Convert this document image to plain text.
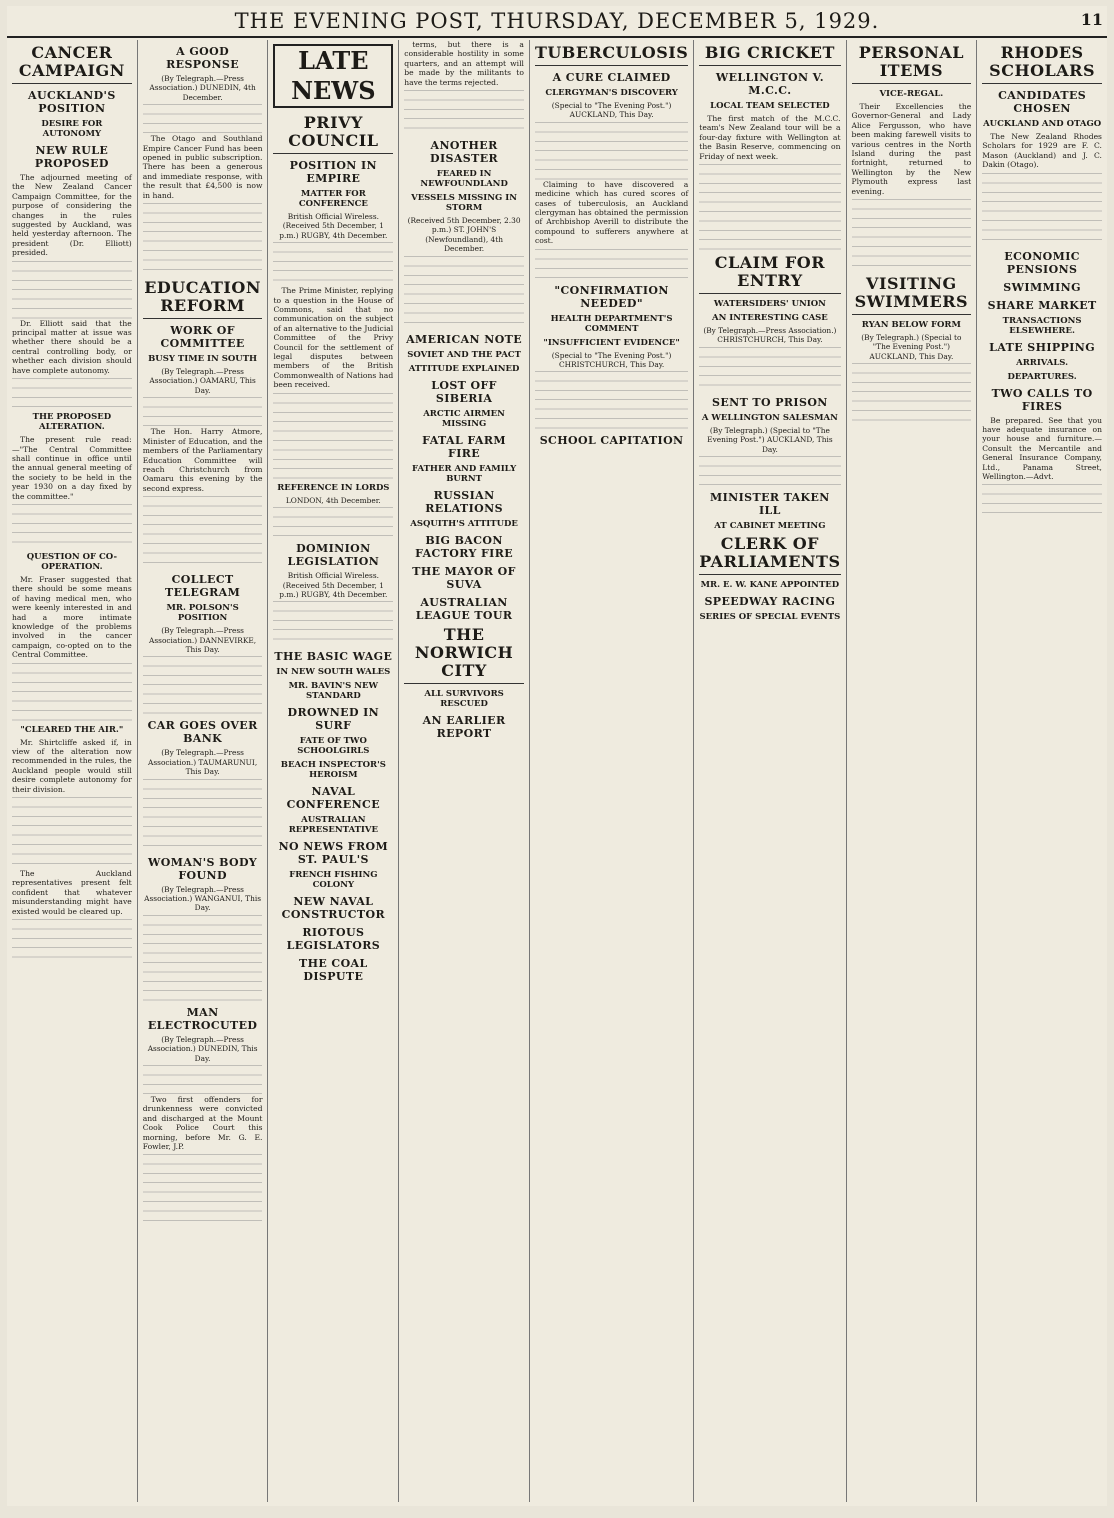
THE EVENING POST, THURSDAY, DECEMBER 5, 1929.	11
CANCER CAMPAIGN
AUCKLAND'S POSITION
DESIRE FOR AUTONOMY
NEW RULE PROPOSED
The adjourned meeting of the New Zealand Cancer Campaign Committee, for the purpose of considering the changes in the rules suggested by Auckland, was held yesterday afternoon. The president (Dr. Elliott) presided.
Dr. Elliott said that the principal matter at issue was whether there should be a central controlling body, or whether each division should have complete autonomy.
THE PROPOSED ALTERATION.
The present rule read:—"The Central Committee shall continue in office until the annual general meeting of the society to be held in the year 1930 on a day fixed by the committee."
QUESTION OF CO-OPERATION.
Mr. Fraser suggested that there should be some means of having medical men, who were keenly interested in and had a more intimate knowledge of the problems involved in the cancer campaign, co-opted on to the Central Committee.
"CLEARED THE AIR."
Mr. Shirtcliffe asked if, in view of the alteration now recommended in the rules, the Auckland people would still desire complete autonomy for their division.
The Auckland representatives present felt confident that whatever misunderstanding might have existed would be cleared up.
A GOOD RESPONSE
(By Telegraph.—Press Association.) DUNEDIN, 4th December.
The Otago and Southland Empire Cancer Fund has been opened in public subscription. There has been a generous and immediate response, with the result that £4,500 is now in hand.
EDUCATION REFORM
WORK OF COMMITTEE
BUSY TIME IN SOUTH
(By Telegraph.—Press Association.) OAMARU, This Day.
The Hon. Harry Atmore, Minister of Education, and the members of the Parliamentary Education Committee will reach Christchurch from Oamaru this evening by the second express.
COLLECT TELEGRAM
MR. POLSON'S POSITION
(By Telegraph.—Press Association.) DANNEVIRKE, This Day.
CAR GOES OVER BANK
(By Telegraph.—Press Association.) TAUMARUNUI, This Day.
WOMAN'S BODY FOUND
(By Telegraph.—Press Association.) WANGANUI, This Day.
MAN ELECTROCUTED
(By Telegraph.—Press Association.) DUNEDIN, This Day.
Two first offenders for drunkenness were convicted and discharged at the Mount Cook Police Court this morning, before Mr. G. E. Fowler, J.P.
LATE NEWS
PRIVY COUNCIL
POSITION IN EMPIRE
MATTER FOR CONFERENCE
British Official Wireless. (Received 5th December, 1 p.m.) RUGBY, 4th December.
The Prime Minister, replying to a question in the House of Commons, said that no communication on the subject of an alternative to the Judicial Committee of the Privy Council for the settlement of legal disputes between members of the British Commonwealth of Nations had been received.
REFERENCE IN LORDS
LONDON, 4th December.
DOMINION LEGISLATION
British Official Wireless. (Received 5th December, 1 p.m.) RUGBY, 4th December.
THE BASIC WAGE
IN NEW SOUTH WALES
MR. BAVIN'S NEW STANDARD
DROWNED IN SURF
FATE OF TWO SCHOOLGIRLS
BEACH INSPECTOR'S HEROISM
NAVAL CONFERENCE
AUSTRALIAN REPRESENTATIVE
NO NEWS FROM ST. PAUL'S
FRENCH FISHING COLONY
NEW NAVAL CONSTRUCTOR
RIOTOUS LEGISLATORS
THE COAL DISPUTE
terms, but there is a considerable hostility in some quarters, and an attempt will be made by the militants to have the terms rejected.
ANOTHER DISASTER
FEARED IN NEWFOUNDLAND
VESSELS MISSING IN STORM
(Received 5th December, 2.30 p.m.) ST. JOHN'S (Newfoundland), 4th December.
AMERICAN NOTE
SOVIET AND THE PACT
ATTITUDE EXPLAINED
LOST OFF SIBERIA
ARCTIC AIRMEN MISSING
FATAL FARM FIRE
FATHER AND FAMILY BURNT
RUSSIAN RELATIONS
ASQUITH'S ATTITUDE
BIG BACON FACTORY FIRE
THE MAYOR OF SUVA
AUSTRALIAN LEAGUE TOUR
THE NORWICH CITY
ALL SURVIVORS RESCUED
AN EARLIER REPORT
TUBERCULOSIS
A CURE CLAIMED
CLERGYMAN'S DISCOVERY
(Special to "The Evening Post.") AUCKLAND, This Day.
Claiming to have discovered a medicine which has cured scores of cases of tuberculosis, an Auckland clergyman has obtained the permission of Archbishop Averill to distribute the compound to sufferers anywhere at cost.
"CONFIRMATION NEEDED"
HEALTH DEPARTMENT'S COMMENT
"INSUFFICIENT EVIDENCE"
(Special to "The Evening Post.") CHRISTCHURCH, This Day.
SCHOOL CAPITATION
BIG CRICKET
WELLINGTON V. M.C.C.
LOCAL TEAM SELECTED
The first match of the M.C.C. team's New Zealand tour will be a four-day fixture with Wellington at the Basin Reserve, commencing on Friday of next week.
CLAIM FOR ENTRY
WATERSIDERS' UNION
AN INTERESTING CASE
(By Telegraph.—Press Association.) CHRISTCHURCH, This Day.
SENT TO PRISON
A WELLINGTON SALESMAN
(By Telegraph.) (Special to "The Evening Post.") AUCKLAND, This Day.
MINISTER TAKEN ILL
AT CABINET MEETING
CLERK OF PARLIAMENTS
MR. E. W. KANE APPOINTED
SPEEDWAY RACING
SERIES OF SPECIAL EVENTS
PERSONAL ITEMS
VICE-REGAL.
Their Excellencies the Governor-General and Lady Alice Fergusson, who have been making farewell visits to various centres in the North Island during the past fortnight, returned to Wellington by the New Plymouth express last evening.
VISITING SWIMMERS
RYAN BELOW FORM
(By Telegraph.) (Special to "The Evening Post.") AUCKLAND, This Day.
RHODES SCHOLARS
CANDIDATES CHOSEN
AUCKLAND AND OTAGO
The New Zealand Rhodes Scholars for 1929 are F. C. Mason (Auckland) and J. C. Dakin (Otago).
ECONOMIC PENSIONS
SWIMMING
SHARE MARKET
TRANSACTIONS ELSEWHERE.
LATE SHIPPING
ARRIVALS.
DEPARTURES.
TWO CALLS TO FIRES
Be prepared. See that you have adequate insurance on your house and furniture.—Consult the Mercantile and General Insurance Company, Ltd., Panama Street, Wellington.—Advt.
